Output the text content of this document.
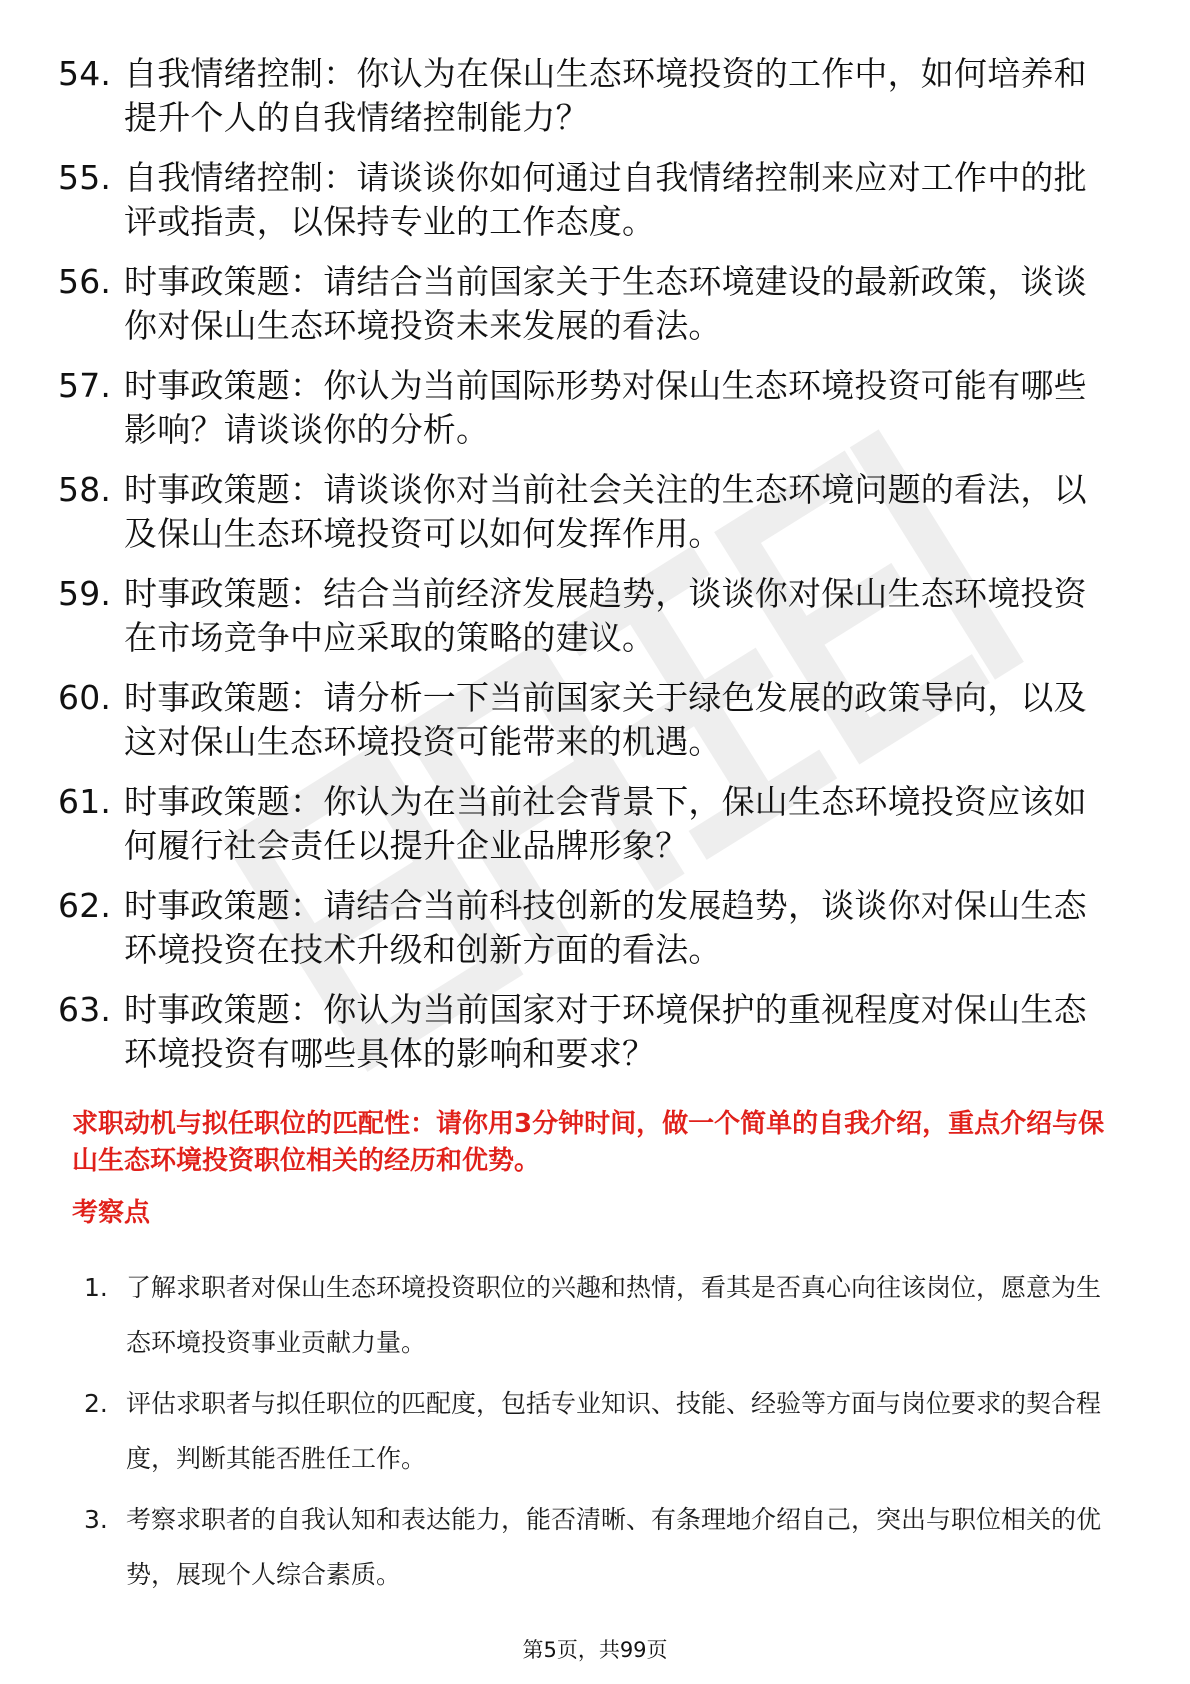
54. 自我情绪控制：你认为在保山生态环境投资的工作中，如何培养和提升个人的自我情绪控制能力？
55. 自我情绪控制：请谈谈你如何通过自我情绪控制来应对工作中的批评或指责，以保持专业的工作态度。
56. 时事政策题：请结合当前国家关于生态环境建设的最新政策，谈谈你对保山生态环境投资未来发展的看法。
57. 时事政策题：你认为当前国际形势对保山生态环境投资可能有哪些影响？请谈谈你的分析。
58. 时事政策题：请谈谈你对当前社会关注的生态环境问题的看法，以及保山生态环境投资可以如何发挥作用。
59. 时事政策题：结合当前经济发展趋势，谈谈你对保山生态环境投资在市场竞争中应采取的策略的建议。
60. 时事政策题：请分析一下当前国家关于绿色发展的政策导向，以及这对保山生态环境投资可能带来的机遇。
61. 时事政策题：你认为在当前社会背景下，保山生态环境投资应该如何履行社会责任以提升企业品牌形象？
62. 时事政策题：请结合当前科技创新的发展趋势，谈谈你对保山生态环境投资在技术升级和创新方面的看法。
63. 时事政策题：你认为当前国家对于环境保护的重视程度对保山生态环境投资有哪些具体的影响和要求？

求职动机与拟任职位的匹配性：请你用3分钟时间，做一个简单的自我介绍，重点介绍与保山生态环境投资职位相关的经历和优势。

考察点

1. 了解求职者对保山生态环境投资职位的兴趣和热情，看其是否真心向往该岗位，愿意为生态环境投资事业贡献力量。
2. 评估求职者与拟任职位的匹配度，包括专业知识、技能、经验等方面与岗位要求的契合程度，判断其能否胜任工作。
3. 考察求职者的自我认知和表达能力，能否清晰、有条理地介绍自己，突出与职位相关的优势，展现个人综合素质。
第5页，共99页
